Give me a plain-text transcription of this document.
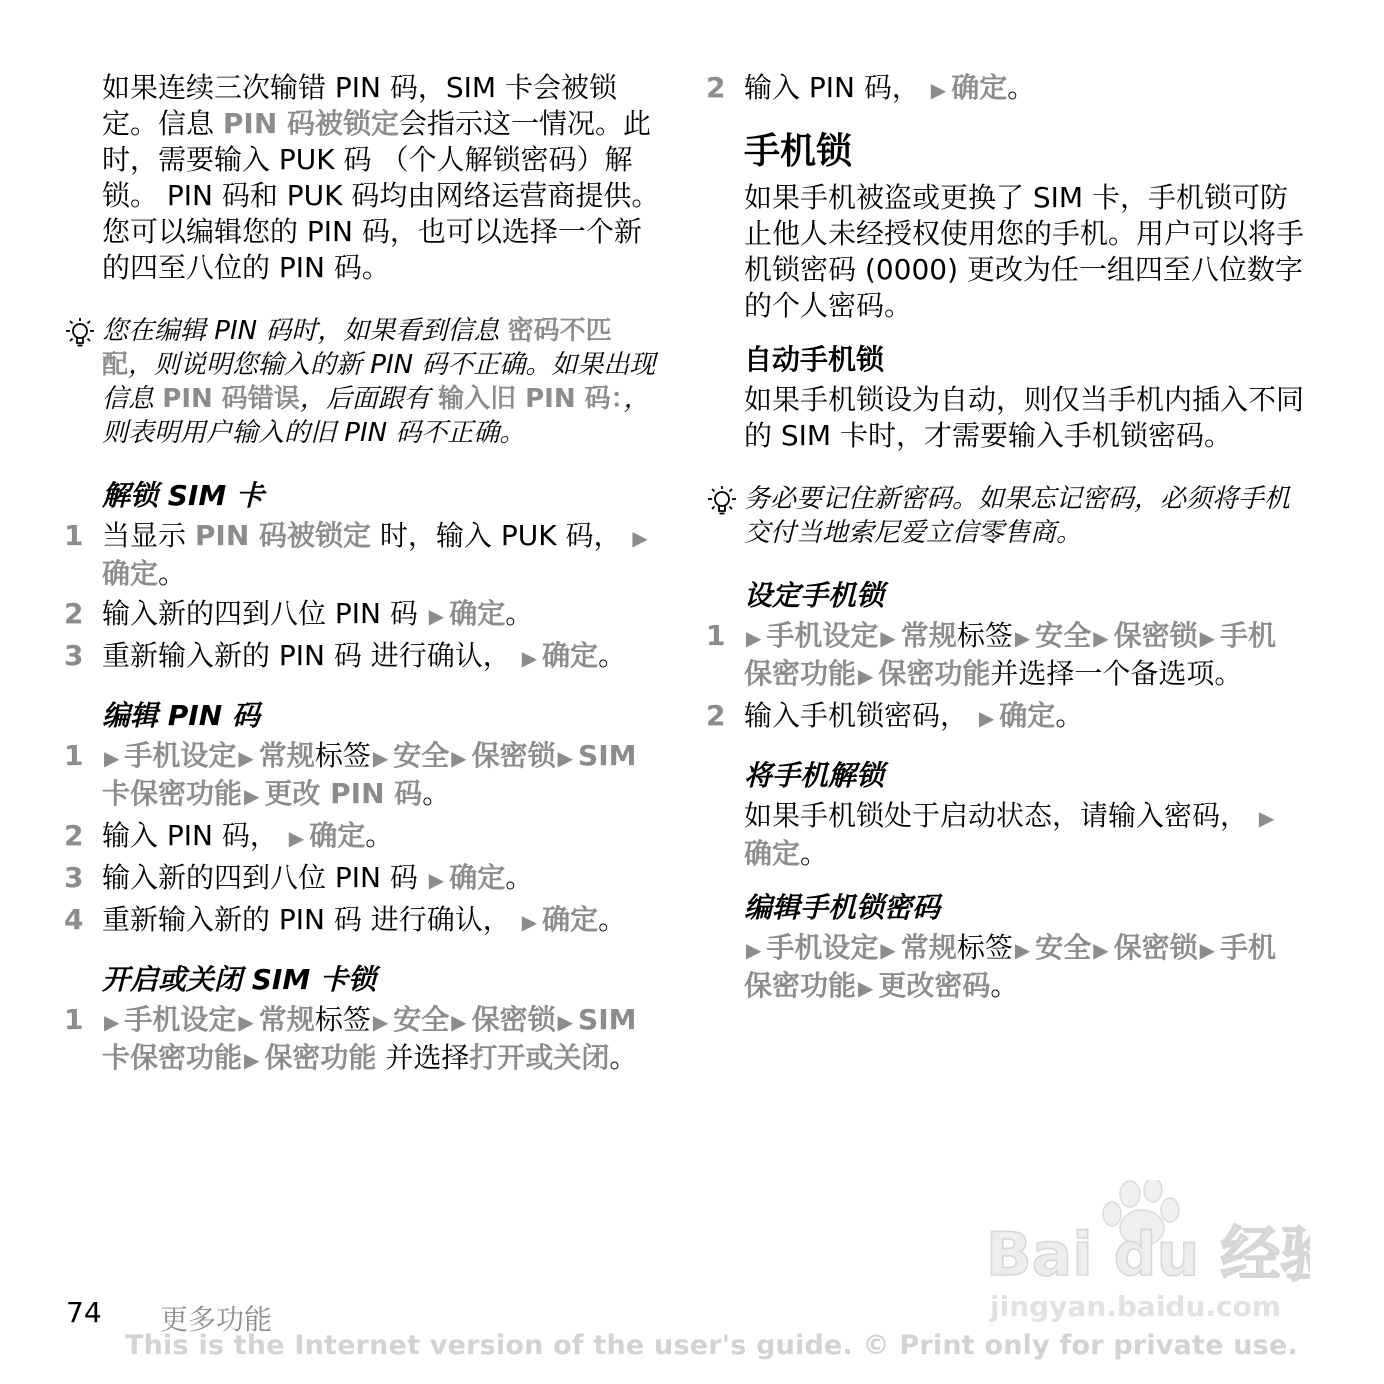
如果连续三次输错 PIN 码，SIM 卡会被锁定。信息 PIN 码被锁定会指示这一情况。此时，需要输入 PUK 码 （个人解锁密码）解锁。 PIN 码和 PUK 码均由网络运营商提供。您可以编辑您的 PIN 码，也可以选择一个新的四至八位的 PIN 码。

您在编辑 PIN 码时，如果看到信息 密码不匹配，则说明您输入的新 PIN 码不正确。如果出现信息 PIN 码错误，后面跟有 输入旧 PIN 码：，则表明用户输入的旧 PIN 码不正确。
解锁 SIM 卡
1 当显示 PIN 码被锁定 时，输入 PUK 码， ▶确定。
2 输入新的四到八位 PIN 码 ▶ 确定。
3 重新输入新的 PIN 码 进行确认， ▶ 确定。
编辑 PIN 码
1	▶ 手机设定 ▶ 常规标签 ▶ 安全 ▶ 保密锁 ▶ SIM 卡保密功能 ▶ 更改 PIN 码。
2 输入 PIN 码， ▶ 确定。
3 输入新的四到八位 PIN 码 ▶ 确定。
4 重新输入新的 PIN 码 进行确认， ▶ 确定。
开启或关闭 SIM 卡锁
1	▶ 手机设定 ▶ 常规标签 ▶ 安全 ▶ 保密锁 ▶ SIM 卡保密功能 ▶ 保密功能 并选择打开或关闭。
2 输入 PIN 码， ▶ 确定。
手机锁

如果手机被盗或更换了 SIM 卡，手机锁可防止他人未经授权使用您的手机。用户可以将手机锁密码 (0000) 更改为任一组四至八位数字的个人密码。

自动手机锁

如果手机锁设为自动，则仅当手机内插入不同的 SIM 卡时，才需要输入手机锁密码。

务必要记住新密码。如果忘记密码，必须将手机交付当地索尼爱立信零售商。
设定手机锁
1	▶ 手机设定 ▶ 常规标签 ▶ 安全 ▶ 保密锁 ▶ 手机保密功能 ▶ 保密功能并选择一个备选项。
2 输入手机锁密码， ▶ 确定。
将手机解锁

如果手机锁处于启动状态，请输入密码， ▶确定。

编辑手机锁密码

▶ 手机设定 ▶ 常规标签 ▶ 安全 ▶ 保密锁 ▶ 手机保密功能 ▶ 更改密码。

Bai du 经验
jingyan.baidu.com
74 更多功能
This is the Internet version of the user's guide. © Print only for private use.
